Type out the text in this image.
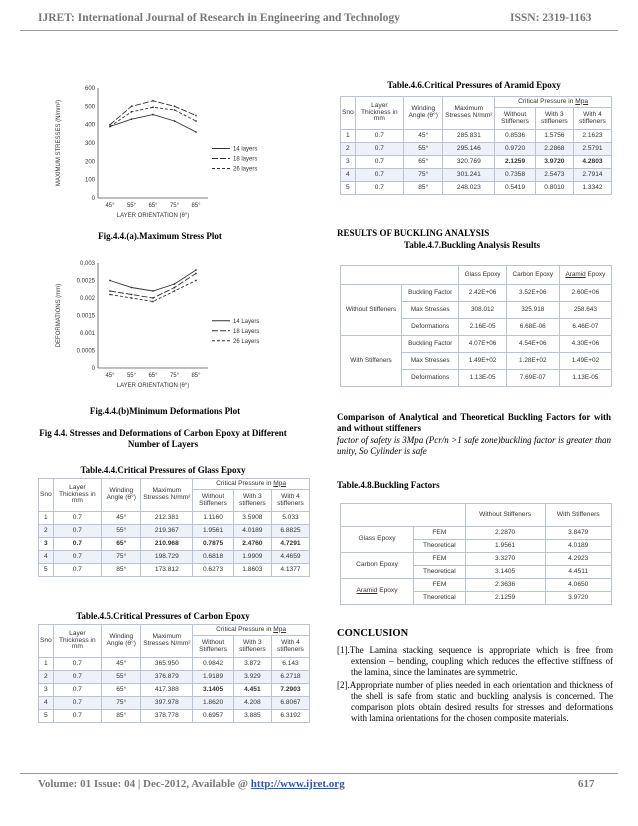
IJRET: International Journal of Research in Engineering and Technology	ISSN: 2319-1163
600
500
400
300
200
100
0
45° 55° 65° 75° 85°
LAYER ORIENTATION (θ°)
MAXIMUM STRESSES (N/mm²)	14 layers
18 layers
26 layers
Fig.4.4.(a).Maximum Stress Plot
0.003
0.0025
0.002
0.0015
0.001
0.0005
0
45° 55° 65° 75° 85°
LAYER ORIENTATION (θ°)
DEFORMATIONS (mm)	14 Layers
18 Layers
26 Layers
Fig.4.4.(b)Minimum Deformations Plot
Fig 4.4. Stresses and Deformations of Carbon Epoxy at Different Number of Layers
Table.4.4.Critical Pressures of Glass Epoxy
Sno	Layer Thickness in mm	Winding Angle (θ°)	Maximum Stresses N/mm²	Critical Pressure in Mpa		
				Without Stiffeners	With 3 stiffeners	With 4 stiffeners
1	0.7	45°	212.381	1.1160	3.5908	5.033
2	0.7	55°	219.367	1.9561	4.0189	6.8825
3	0.7	65°	210.968	0.7875	2.4760	4.7291
4	0.7	75°	198.729	0.6818	1.9909	4.4659
5	0.7	85°	173.812	0.6273	1.8603	4.1377
Table.4.5.Critical Pressures of Carbon Epoxy
Sno	Layer Thickness in mm	Winding Angle (θ°)	Maximum Stresses N/mm²	Critical Pressure in Mpa		
				Without Stiffeners	With 3 stiffeners	With 4 stiffeners
1	0.7	45°	365.950	0.9842	3.872	6.143
2	0.7	55°	376.879	1.9189	3.929	6.2718
3	0.7	65°	417.388	3.1405	4.451	7.2903
4	0.7	75°	397.978	1.8620	4.208	6.8067
5	0.7	85°	378.778	0.6957	3.885	6.3192
Table.4.6.Critical Pressures of Aramid Epoxy
Sno	Layer Thickness in mm	Winding Angle (θ°)	Maximum Stresses N/mm²	Critical Pressure in Mpa		
				Without Stiffeners	With 3 stiffeners	With 4 stiffeners
1	0.7	45°	285.831	0.8536	1.5756	2.1623
2	0.7	55°	295.146	0.9720	2.2868	2.5791
3	0.7	65°	320.769	2.1259	3.9720	4.2803
4	0.7	75°	301.241	0.7358	2.5473	2.7914
5	0.7	85°	248.023	0.5419	0.8010	1.3342
RESULTS OF BUCKLING ANALYSIS
Table.4.7.Buckling Analysis Results
		Glass Epoxy	Carbon Epoxy	Aramid Epoxy
Without Stiffeners	Buckling Factor	2.42E+06	3.52E+06	2.60E+06
	Max Stresses	308.012	325.918	258.643
	Deformations	2.16E-05	6.68E-06	6.46E-07
With Stiffeners	Buckling Factor	4.07E+06	4.54E+06	4.30E+06
	Max Stresses	1.49E+02	1.28E+02	1.49E+02
	Deformations	1.13E-05	7.69E-07	1.13E-05
Comparison of Analytical and Theoretical Buckling Factors for with and without stiffeners
factor of safety is 3Mpa (Pcr/n >1 safe zone)buckling factor is greater than unity, So Cylinder is safe
Table.4.8.Buckling Factors
		Without Stiffeners	With Stiffeners
Glass Epoxy	FEM	2.2870	3.8479
	Theoretical	1.9561	4.0189
Carbon Epoxy	FEM	3.3270	4.2923
	Theoretical	3.1405	4.4511
Aramid Epoxy	FEM	2.3636	4.0650
	Theoretical	2.1259	3.9720
CONCLUSION
[1].The Lamina stacking sequence is appropriate which is free from extension – bending, coupling which reduces the effective stiffness of the lamina, since the laminates are symmetric.
[2].Appropriate number of plies needed in each orientation and thickness of the shell is safe from static and buckling analysis is concerned. The comparison plots obtain desired results for stresses and deformations with lamina orientations for the chosen composite materials.
Volume: 01 Issue: 04 | Dec-2012, Available @ http://www.ijret.org	617
